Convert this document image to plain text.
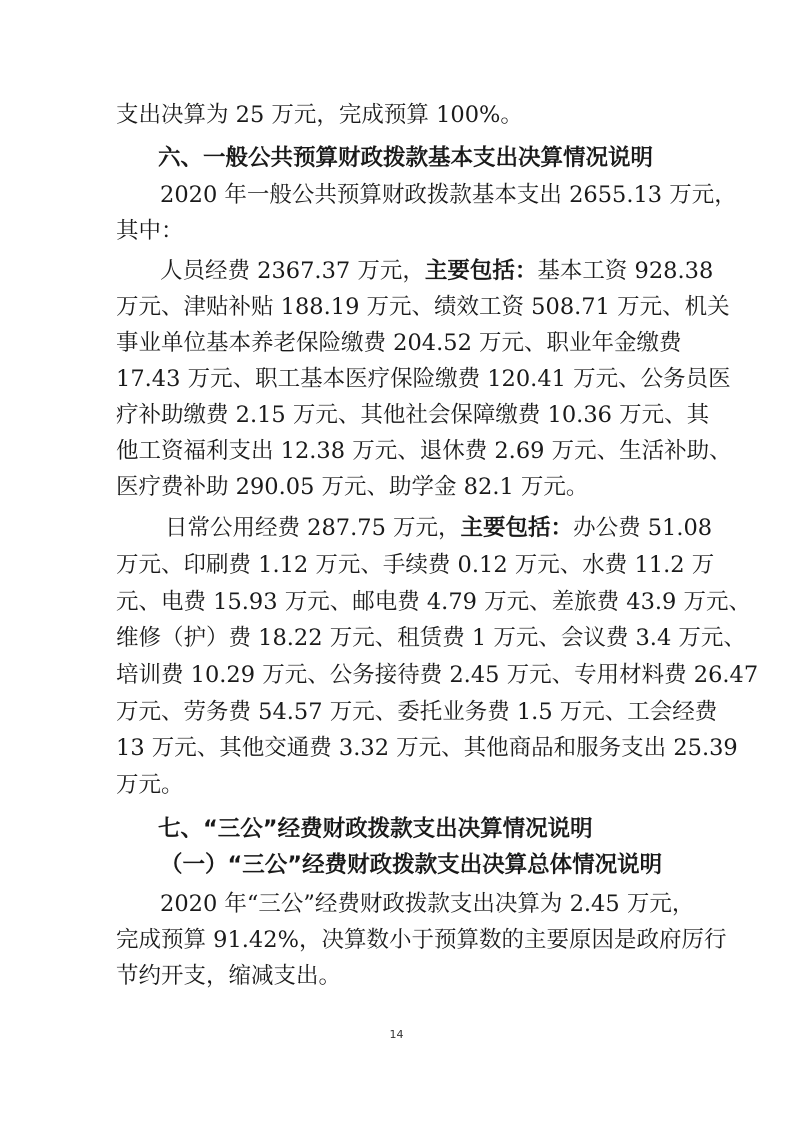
支出决算为 25 万元，完成预算 100%。
六、一般公共预算财政拨款基本支出决算情况说明
2020 年一般公共预算财政拨款基本支出 2655.13 万元，
其中：
人员经费 2367.37 万元，主要包括：基本工资 928.38
万元、津贴补贴 188.19 万元、绩效工资 508.71 万元、机关
事业单位基本养老保险缴费 204.52 万元、职业年金缴费
17.43 万元、职工基本医疗保险缴费 120.41 万元、公务员医
疗补助缴费 2.15 万元、其他社会保障缴费 10.36 万元、其
他工资福利支出 12.38 万元、退休费 2.69 万元、生活补助、
医疗费补助 290.05 万元、助学金 82.1 万元。
日常公用经费 287.75 万元，主要包括：办公费 51.08
万元、印刷费 1.12 万元、手续费 0.12 万元、水费 11.2 万
元、电费 15.93 万元、邮电费 4.79 万元、差旅费 43.9 万元、
维修（护）费 18.22 万元、租赁费 1 万元、会议费 3.4 万元、
培训费 10.29 万元、公务接待费 2.45 万元、专用材料费 26.47
万元、劳务费 54.57 万元、委托业务费 1.5 万元、工会经费
13 万元、其他交通费 3.32 万元、其他商品和服务支出 25.39
万元。
七、“三公”经费财政拨款支出决算情况说明
（一）“三公”经费财政拨款支出决算总体情况说明
2020 年“三公”经费财政拨款支出决算为 2.45 万元，
完成预算 91.42%，决算数小于预算数的主要原因是政府厉行
节约开支，缩减支出。
14
